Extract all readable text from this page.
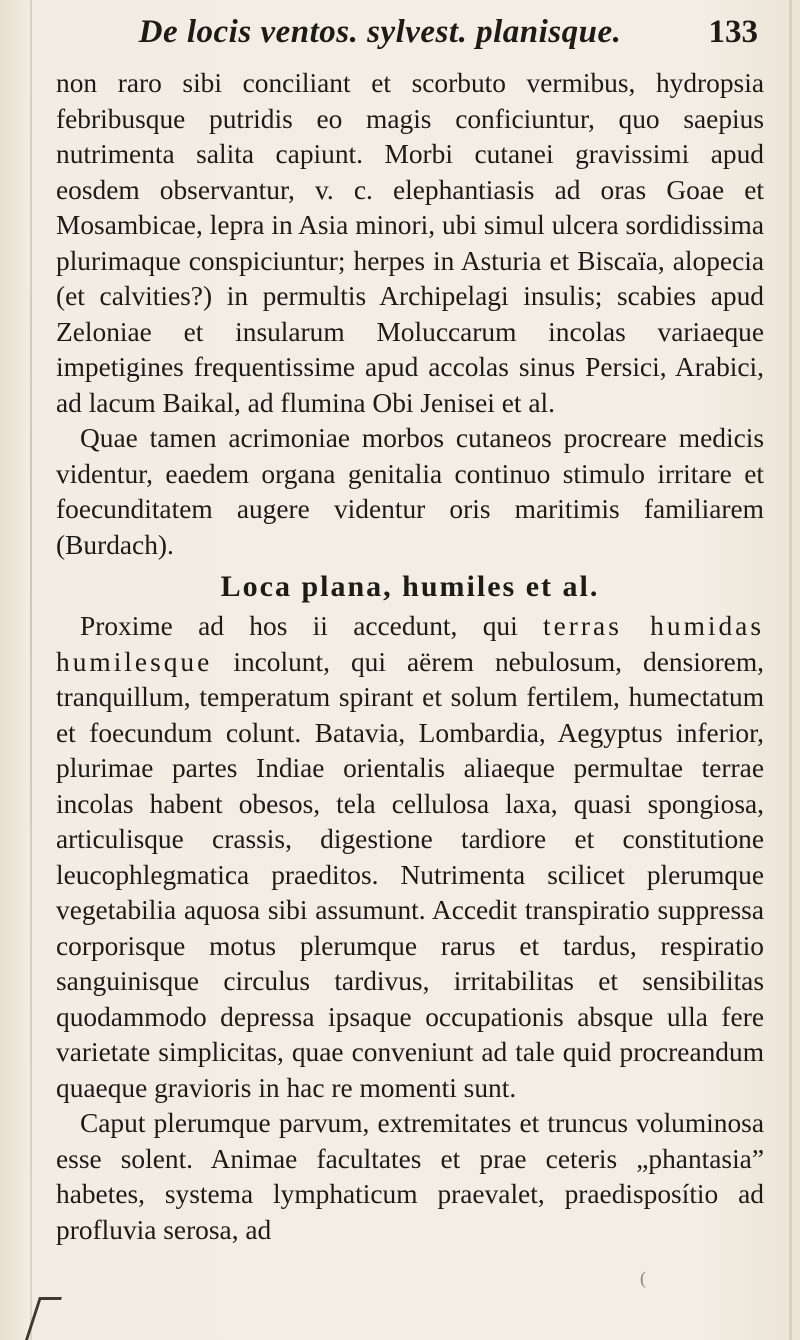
De locis ventos. sylvest. planisque.	133

non raro sibi conciliant et scorbuto vermibus, hydropsia febribusque putridis eo magis conficiuntur, quo saepius nutrimenta salita capiunt. Morbi cutanei gravissimi apud eosdem observantur, v. c. elephantiasis ad oras Goae et Mosambicae, lepra in Asia minori, ubi simul ulcera sordidissima plurimaque conspiciuntur; herpes in Asturia et Biscaïa, alopecia (et calvities?) in permultis Archipelagi insulis; scabies apud Zeloniae et insularum Moluccarum incolas variaeque impetigines frequentissime apud accolas sinus Persici, Arabici, ad lacum Baikal, ad flumina Obi Jenisei et al.

Quae tamen acrimoniae morbos cutaneos procreare medicis videntur, eaedem organa genitalia continuo stimulo irritare et foecunditatem augere videntur oris maritimis familiarem (Burdach).

Loca plana, humiles et al.

Proxime ad hos ii accedunt, qui terras humidas humilesque incolunt, qui aërem nebulosum, densiorem, tranquillum, temperatum spirant et solum fertilem, humectatum et foecundum colunt. Batavia, Lombardia, Aegyptus inferior, plurimae partes Indiae orientalis aliaeque permultae terrae incolas habent obesos, tela cellulosa laxa, quasi spongiosa, articulisque crassis, digestione tardiore et constitutione leucophlegmatica praeditos. Nutrimenta scilicet plerumque vegetabilia aquosa sibi assumunt. Accedit transpiratio suppressa corporisque motus plerumque rarus et tardus, respiratio sanguinisque circulus tardivus, irritabilitas et sensibilitas quodammodo depressa ipsaque occupationis absque ulla fere varietate simplicitas, quae conveniunt ad tale quid procreandum quaeque gravioris in hac re momenti sunt.

Caput plerumque parvum, extremitates et truncus voluminosa esse solent. Animae facultates et prae ceteris „phantasia” habetes, systema lymphaticum praevalet, praedisposítio ad profluvia serosa, ad

(
